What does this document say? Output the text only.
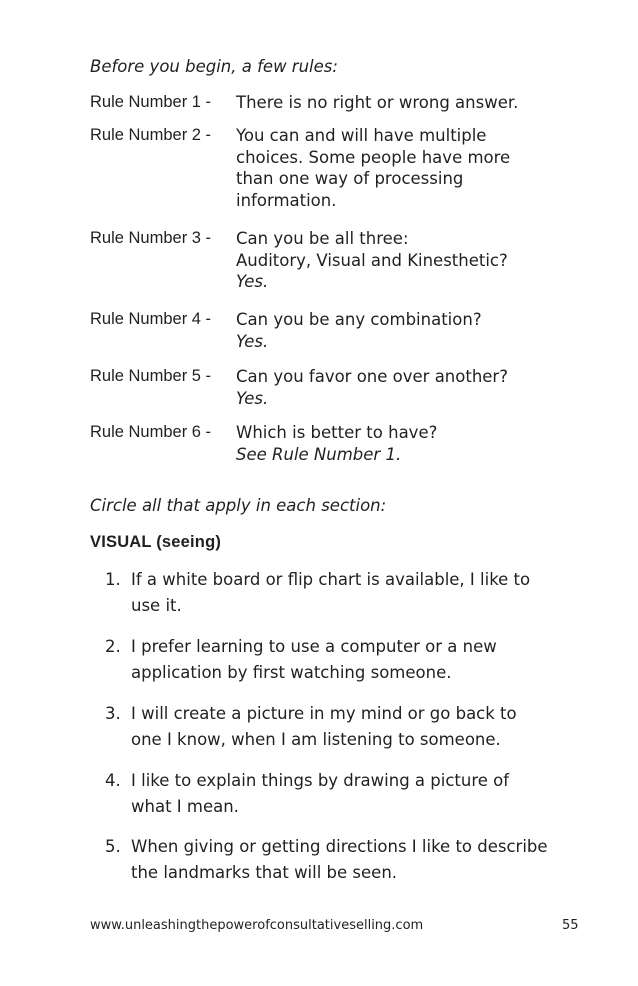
Before you begin, a few rules:
Rule Number 1 - There is no right or wrong answer.
Rule Number 2 - You can and will have multiple
choices. Some people have more
than one way of processing
information.
Rule Number 3 - Can you be all three:
Auditory, Visual and Kinesthetic?
Yes.
Rule Number 4 - Can you be any combination?
Yes.
Rule Number 5 - Can you favor one over another?
Yes.
Rule Number 6 - Which is better to have?
See Rule Number 1.
Circle all that apply in each section:
VISUAL (seeing)
1. If a white board or flip chart is available, I like to
use it.
2. I prefer learning to use a computer or a new
application by first watching someone.
3. I will create a picture in my mind or go back to
one I know, when I am listening to someone.
4. I like to explain things by drawing a picture of
what I mean.
5. When giving or getting directions I like to describe
the landmarks that will be seen.
www.unleashingthepowerofconsultativeselling.com	55
